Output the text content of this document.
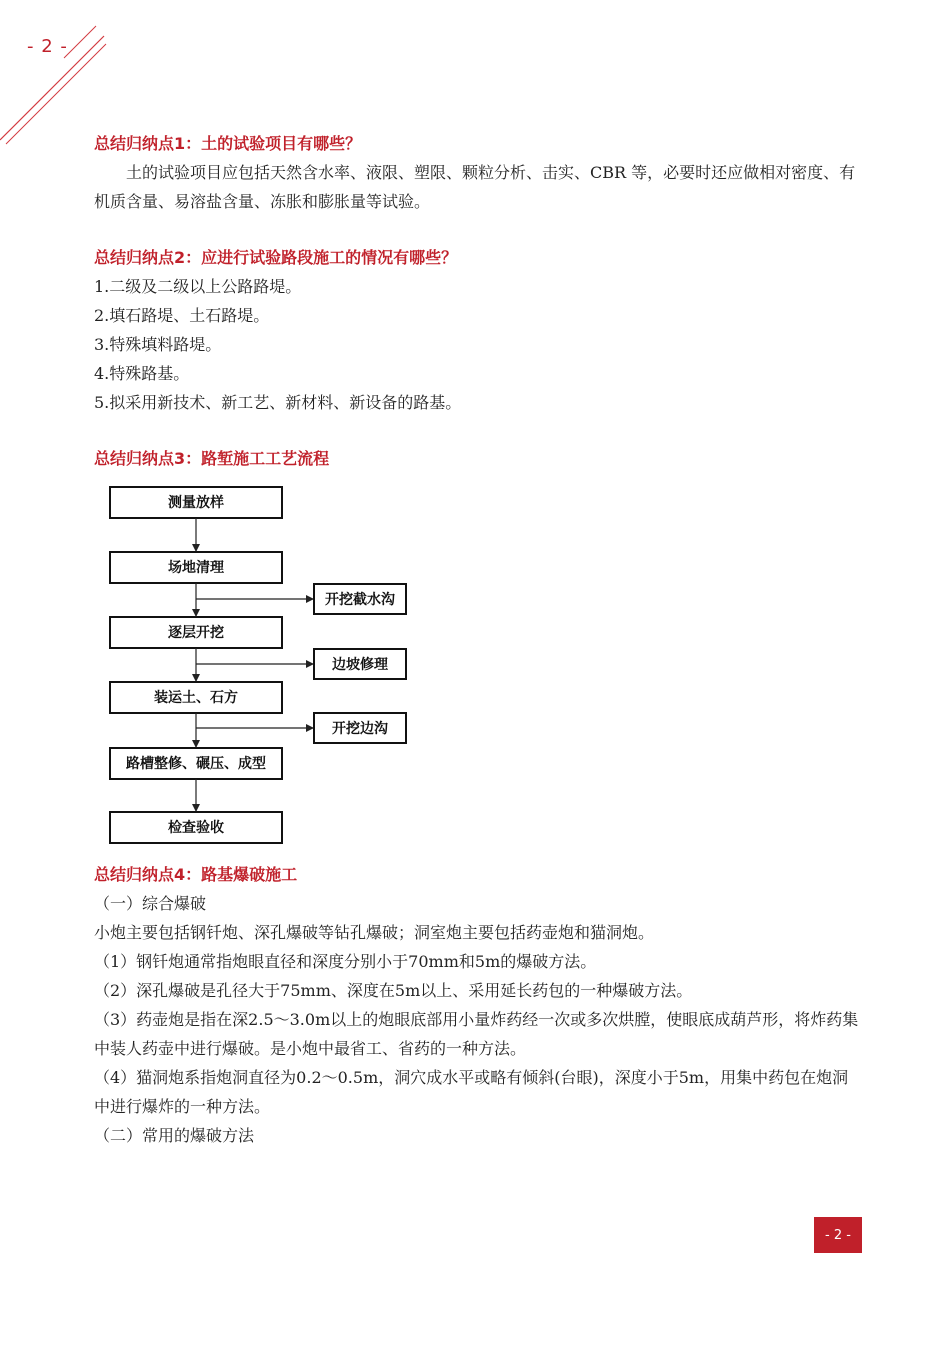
- 2 -

总结归纳点1：土的试验项目有哪些？

土的试验项目应包括天然含水率、液限、塑限、颗粒分析、击实、CBR 等，必要时还应做相对密度、有机质含量、易溶盐含量、冻胀和膨胀量等试验。

总结归纳点2：应进行试验路段施工的情况有哪些？

1.二级及二级以上公路路堤。

2.填石路堤、土石路堤。

3.特殊填料路堤。

4.特殊路基。

5.拟采用新技术、新工艺、新材料、新设备的路基。

总结归纳点3：路堑施工工艺流程

测量放样
场地清理
逐层开挖
装运土、石方
路槽整修、碾压、成型
检查验收
开挖截水沟
边坡修理
开挖边沟

总结归纳点4：路基爆破施工

（一）综合爆破

小炮主要包括钢钎炮、深孔爆破等钻孔爆破；洞室炮主要包括药壶炮和猫洞炮。

（1）钢钎炮通常指炮眼直径和深度分别小于70mm和5m的爆破方法。

（2）深孔爆破是孔径大于75mm、深度在5m以上、采用延长药包的一种爆破方法。

（3）药壶炮是指在深2.5～3.0m以上的炮眼底部用小量炸药经一次或多次烘膛，使眼底成葫芦形，将炸药集中装人药壶中进行爆破。是小炮中最省工、省药的一种方法。

（4）猫洞炮系指炮洞直径为0.2～0.5m，洞穴成水平或略有倾斜(台眼)，深度小于5m，用集中药包在炮洞中进行爆炸的一种方法。

（二）常用的爆破方法

- 2 -
